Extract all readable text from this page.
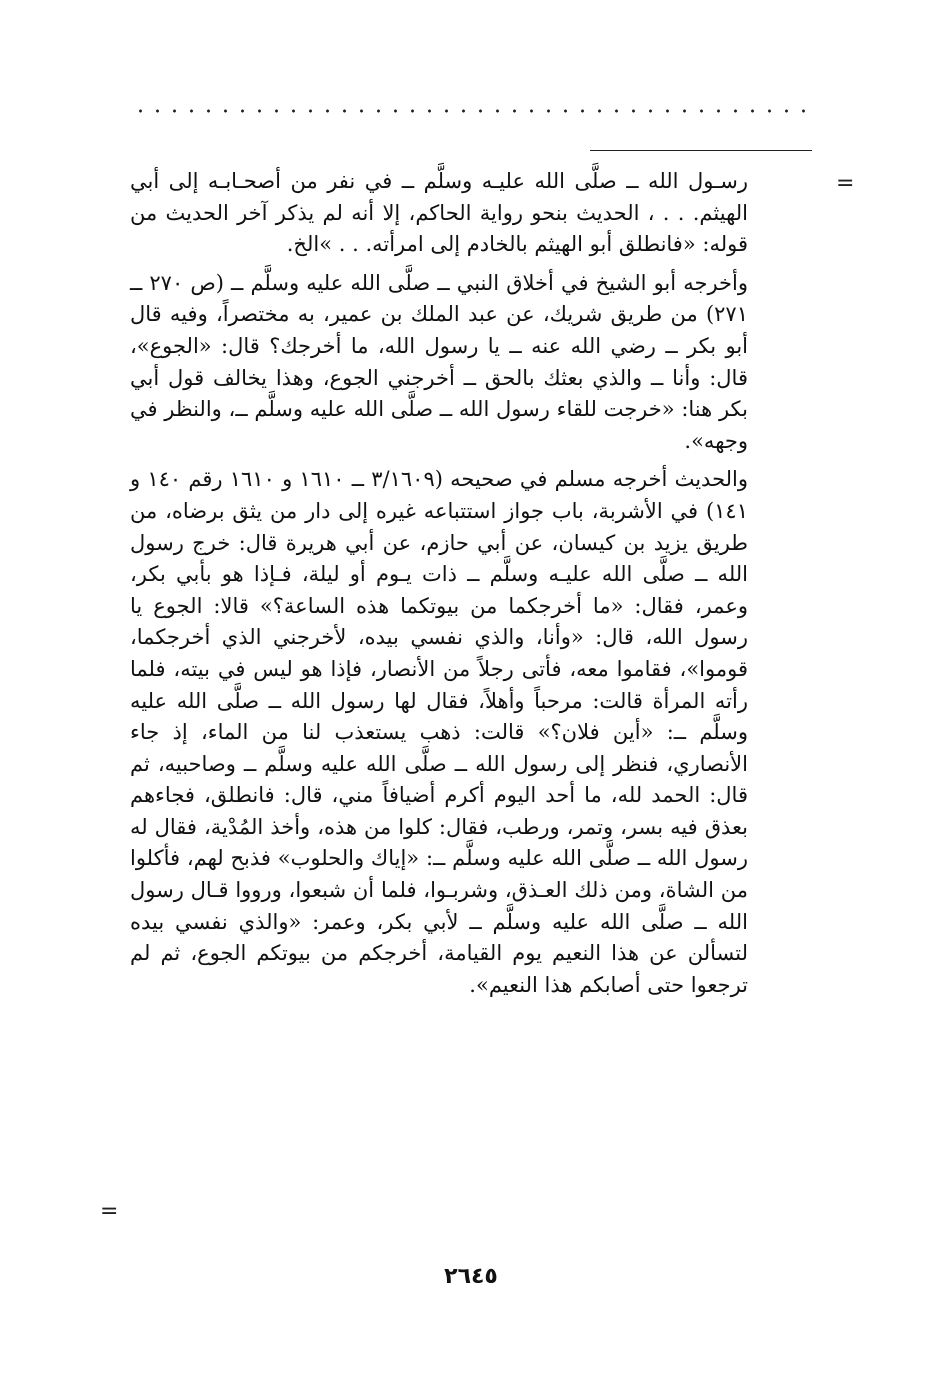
=

رسـول الله ــ صلَّى الله عليـه وسلَّم ــ في نفر من أصحـابـه إلى أبي الهيثم. . . ، الحديث بنحو رواية الحاكم، إلا أنه لم يذكر آخر الحديث من قوله: «فانطلق أبو الهيثم بالخادم إلى امرأته. . . »الخ.

وأخرجه أبو الشيخ في أخلاق النبي ــ صلَّى الله عليه وسلَّم ــ (ص ٢٧٠ ــ ٢٧١) من طريق شريك، عن عبد الملك بن عمير، به مختصراً، وفيه قال أبو بكر ــ رضي الله عنه ــ يا رسول الله، ما أخرجك؟ قال: «الجوع»، قال: وأنا ــ والذي بعثك بالحق ــ أخرجني الجوع، وهذا يخالف قول أبي بكر هنا: «خرجت للقاء رسول الله ــ صلَّى الله عليه وسلَّم ــ، والنظر في وجهه».

والحديث أخرجه مسلم في صحيحه (٣/١٦٠٩ ــ ١٦١٠ و ١٦١٠ رقم ١٤٠ و ١٤١) في الأشربة، باب جواز استتباعه غيره إلى دار من يثق برضاه، من طريق يزيد بن كيسان، عن أبي حازم، عن أبي هريرة قال: خرج رسول الله ــ صلَّى الله عليـه وسلَّم ــ ذات يـوم أو ليلة، فـإذا هو بأبي بكر، وعمر، فقال: «ما أخرجكما من بيوتكما هذه الساعة؟» قالا: الجوع يا رسول الله، قال: «وأنا، والذي نفسي بيده، لأخرجني الذي أخرجكما، قوموا»، فقاموا معه، فأتى رجلاً من الأنصار، فإذا هو ليس في بيته، فلما رأته المرأة قالت: مرحباً وأهلاً، فقال لها رسول الله ــ صلَّى الله عليه وسلَّم ــ: «أين فلان؟» قالت: ذهب يستعذب لنا من الماء، إذ جاء الأنصاري، فنظر إلى رسول الله ــ صلَّى الله عليه وسلَّم ــ وصاحبيه، ثم قال: الحمد لله، ما أحد اليوم أكرم أضيافاً مني، قال: فانطلق، فجاءهم بعذق فيه بسر، وتمر، ورطب، فقال: كلوا من هذه، وأخذ المُدْية، فقال له رسول الله ــ صلَّى الله عليه وسلَّم ــ: «إياك والحلوب» فذبح لهم، فأكلوا من الشاة، ومن ذلك العـذق، وشربـوا، فلما أن شبعوا، ورووا قـال رسول الله ــ صلَّى الله عليه وسلَّم ــ لأبي بكر، وعمر: «والذي نفسي بيده لتسألن عن هذا النعيم يوم القيامة، أخرجكم من بيوتكم الجوع، ثم لم ترجعوا حتى أصابكم هذا النعيم».

=
٢٦٤٥
